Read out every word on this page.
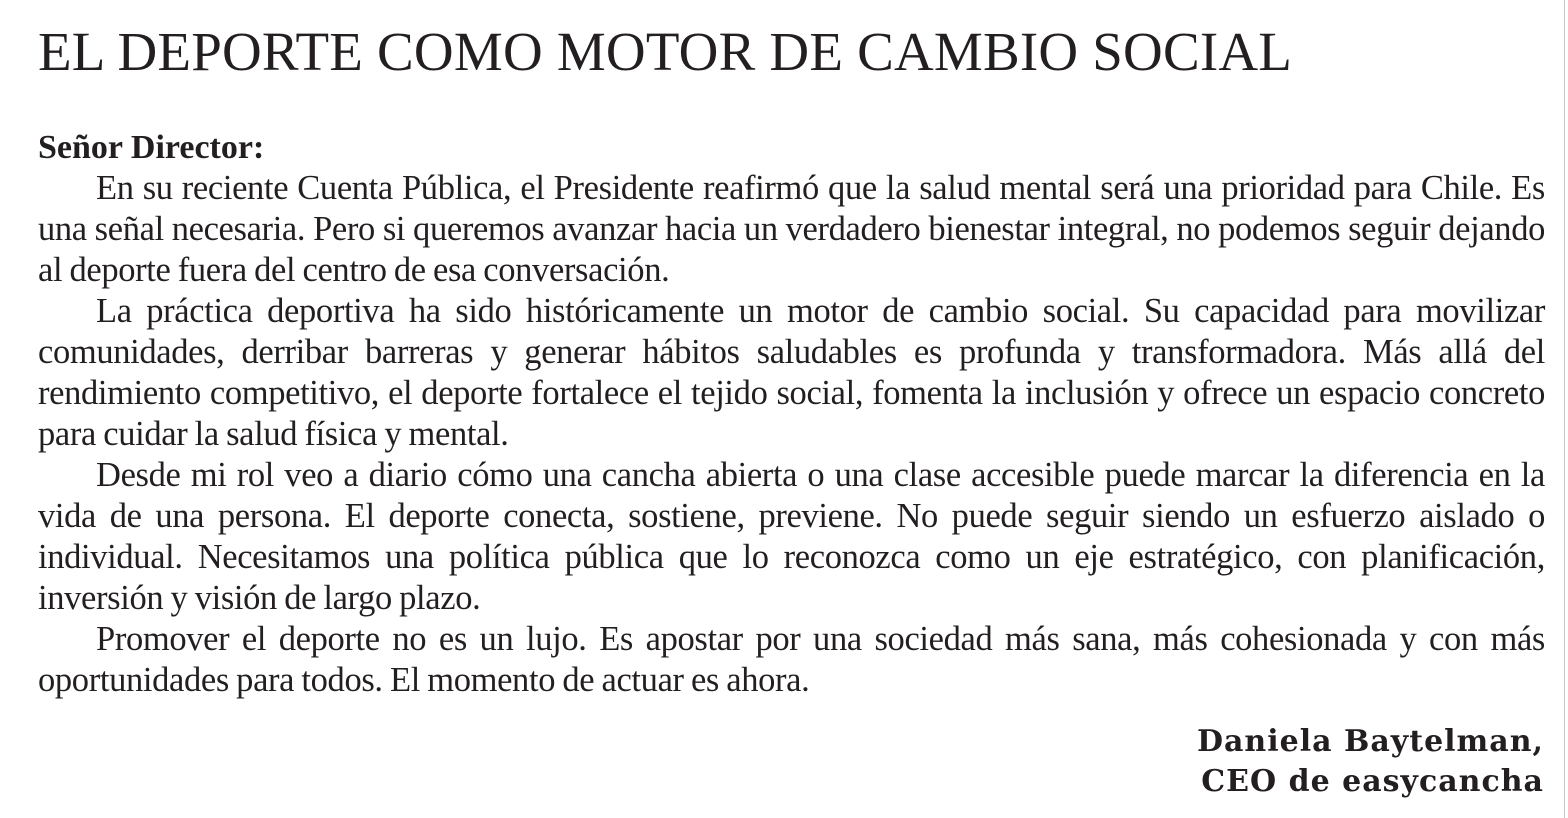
EL DEPORTE COMO MOTOR DE CAMBIO SOCIAL
Señor Director:

En su reciente Cuenta Pública, el Presidente reafirmó que la salud mental será una prioridad para Chile. Es una señal necesaria. Pero si queremos avanzar hacia un verdadero bienestar integral, no podemos seguir dejando al deporte fuera del centro de esa conversación.

La práctica deportiva ha sido históricamente un motor de cambio social. Su capacidad para movilizar comunidades, derribar barreras y generar hábitos saludables es profunda y transformadora. Más allá del rendimiento competitivo, el deporte fortalece el tejido social, fomenta la inclusión y ofrece un espacio concreto para cuidar la salud física y mental.

Desde mi rol veo a diario cómo una cancha abierta o una clase accesible puede marcar la diferencia en la vida de una persona. El deporte conecta, sostiene, previene. No puede seguir siendo un esfuerzo aislado o individual. Necesitamos una política pública que lo reconozca como un eje estratégico, con planificación, inversión y visión de largo plazo.

Promover el deporte no es un lujo. Es apostar por una sociedad más sana, más cohesionada y con más oportunidades para todos. El momento de actuar es ahora.

Daniela Baytelman,
CEO de easycancha
